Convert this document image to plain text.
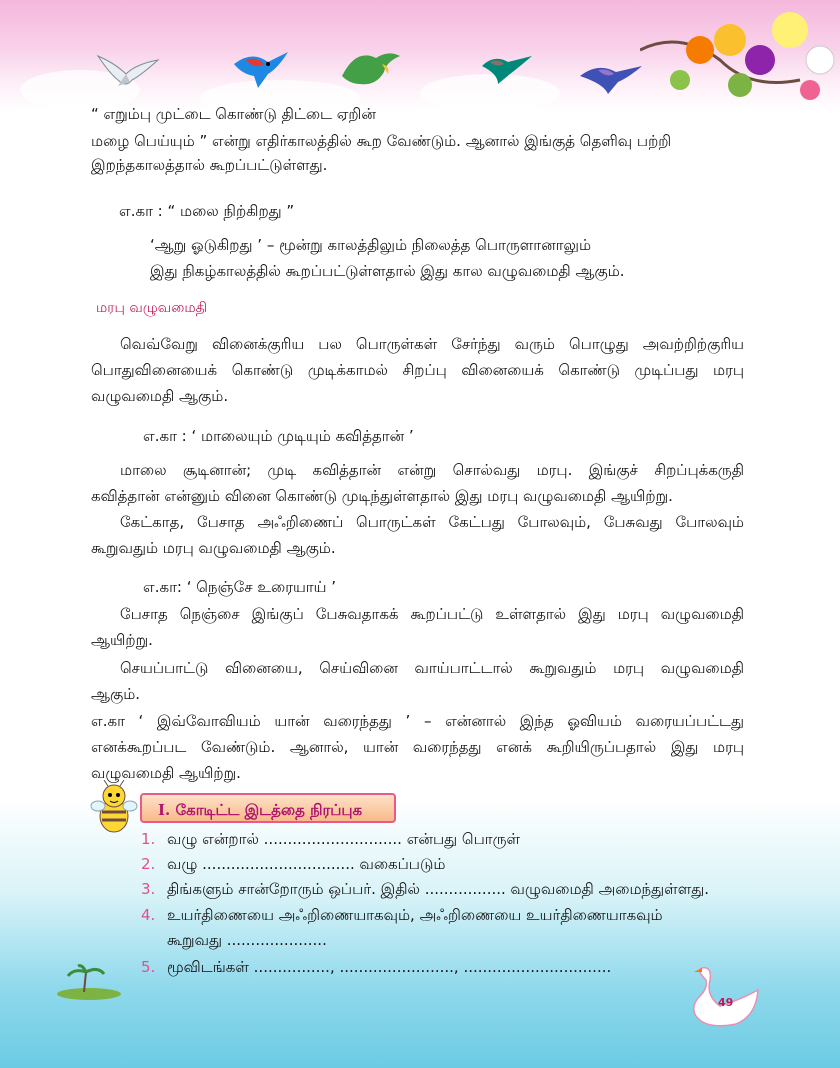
49
“ எறும்பு முட்டை கொண்டு திட்டை ஏறின்
மழை பெய்யும் ” என்று எதிர்காலத்தில் கூற வேண்டும். ஆனால் இங்குத் தெளிவு பற்றி
இறந்தகாலத்தால் கூறப்பட்டுள்ளது.
எ.கா : “ மலை நிற்கிறது ”
‘ஆறு ஓடுகிறது ’ – மூன்று காலத்திலும் நிலைத்த பொருளானாலும்
இது நிகழ்காலத்தில் கூறப்பட்டுள்ளதால் இது கால வழுவமைதி ஆகும்.
மரபு வழுவமைதி
வெவ்வேறு வினைக்குரிய பல பொருள்கள் சேர்ந்து வரும் பொழுது அவற்றிற்குரிய
பொதுவினையைக் கொண்டு முடிக்காமல் சிறப்பு வினையைக் கொண்டு முடிப்பது மரபு
வழுவமைதி ஆகும்.
எ.கா : ‘ மாலையும் முடியும் கவித்தான் ’
மாலை சூடினான்; முடி கவித்தான் என்று சொல்வது மரபு. இங்குச் சிறப்புக்கருதி
கவித்தான் என்னும் வினை கொண்டு முடிந்துள்ளதால் இது மரபு வழுவமைதி ஆயிற்று.
கேட்காத, பேசாத அஃறிணைப் பொருட்கள் கேட்பது போலவும், பேசுவது போலவும்
கூறுவதும் மரபு வழுவமைதி ஆகும்.
எ.கா: ‘ நெஞ்சே உரையாய் ’
பேசாத நெஞ்சை இங்குப் பேசுவதாகக் கூறப்பட்டு உள்ளதால் இது மரபு வழுவமைதி
ஆயிற்று.
செயப்பாட்டு வினையை, செய்வினை வாய்பாட்டால் கூறுவதும் மரபு வழுவமைதி
ஆகும்.
எ.கா ‘ இவ்வோவியம் யான் வரைந்தது ’ – என்னால் இந்த ஓவியம் வரையப்பட்டது
எனக்கூறப்பட வேண்டும். ஆனால், யான் வரைந்தது எனக் கூறியிருப்பதால் இது மரபு
வழுவமைதி ஆயிற்று.
I. கோடிட்ட இடத்தை நிரப்புக
1. வழு என்றால் ............................. என்பது பொருள்
2. வழு ................................ வகைப்படும்
3. திங்களும் சான்றோரும் ஒப்பர். இதில் ................. வழுவமைதி அமைந்துள்ளது.
4. உயர்திணையை அஃறிணையாகவும், அஃறிணையை உயர்திணையாகவும்
கூறுவது .....................
5. மூவிடங்கள் ................, ........................, ...............................
